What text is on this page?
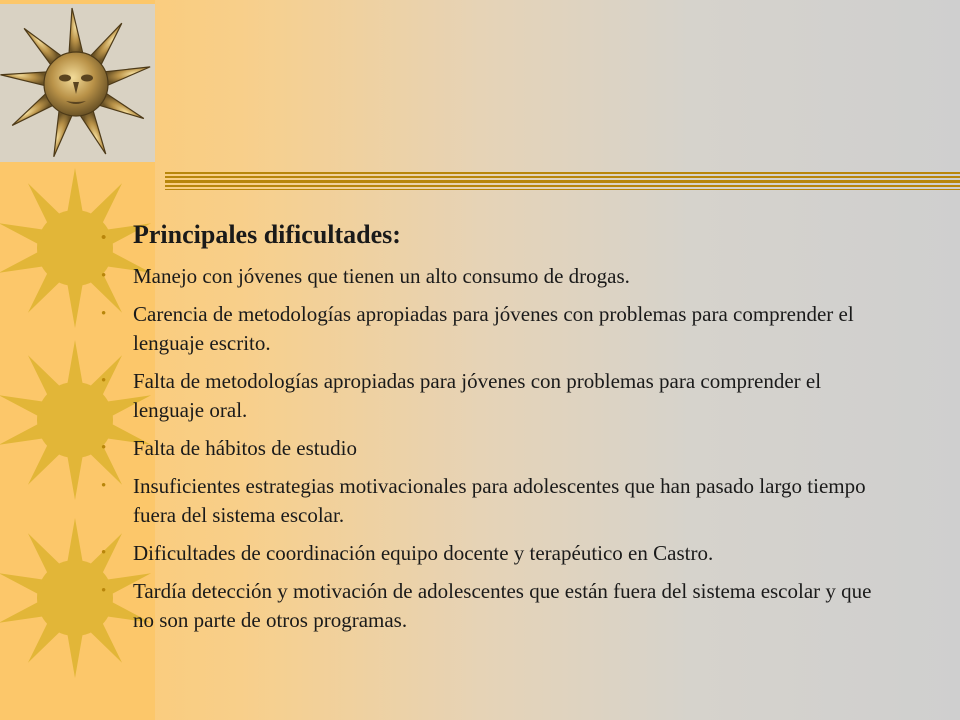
• Principales dificultades:
• Manejo con jóvenes que tienen un alto consumo de drogas.
• Carencia de metodologías apropiadas para jóvenes con problemas para comprender el lenguaje escrito.
• Falta de metodologías apropiadas para jóvenes con problemas para comprender el lenguaje oral.
• Falta de hábitos de estudio
• Insuficientes estrategias motivacionales para adolescentes que han pasado largo tiempo fuera del sistema escolar.
• Dificultades de coordinación equipo docente y terapéutico en Castro.
• Tardía detección y motivación de adolescentes que están fuera del sistema escolar y que no son parte de otros programas.
